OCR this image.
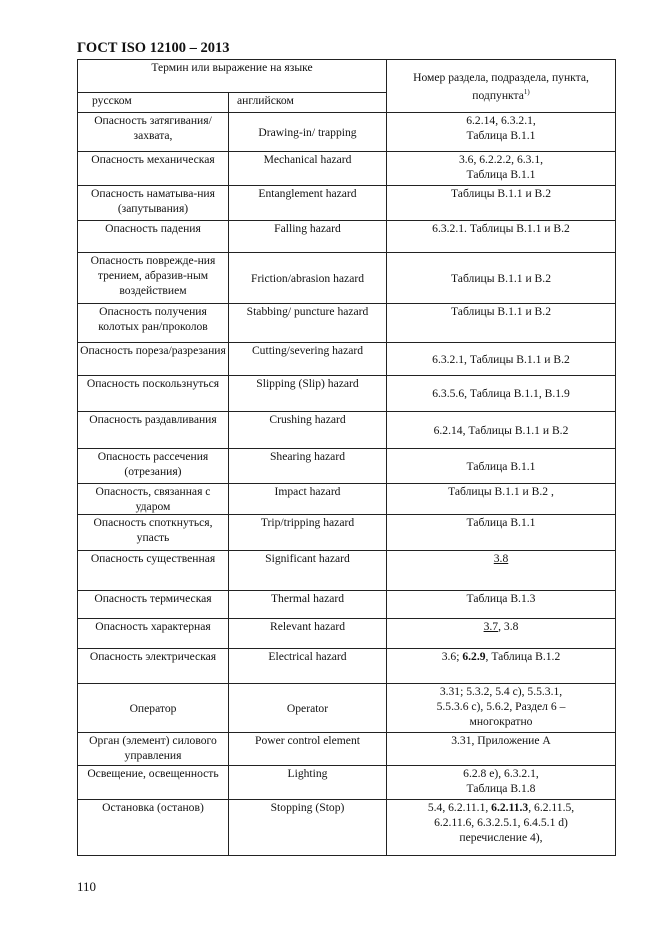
ГОСТ ISO 12100 – 2013
Термин или выражение на языке		Номер раздела, подраздела, пункта, подпункта$^{1)}$
русском	английском	
Опасность затягивания/захвата,	Drawing-in/ trapping	6.2.14, 6.3.2.1, Таблица В.1.1
Опасность механическая	Mechanical hazard	3.6, 6.2.2.2, 6.3.1, Таблица В.1.1
Опасность наматыва-ния (запутывания)	Entanglement hazard	Таблицы В.1.1 и В.2
Опасность падения	Falling hazard	6.3.2.1. Таблицы В.1.1 и В.2
Опасность поврежде-ния трением, абразив-ным воздействием	Friction/abrasion hazard	Таблицы В.1.1 и В.2
Опасность получения колотых ран/проколов	Stabbing/ puncture hazard	Таблицы В.1.1 и В.2
Опасность пореза/разрезания	Cutting/severing hazard	6.3.2.1, Таблицы В.1.1 и В.2
Опасность поскользнуться	Slipping (Slip) hazard	6.3.5.6, Таблица В.1.1, В.1.9
Опасность раздавливания	Crushing hazard	6.2.14, Таблицы В.1.1 и В.2
Опасность рассечения (отрезания)	Shearing hazard	Таблица В.1.1
Опасность, связанная с ударом	Impact hazard	Таблицы В.1.1 и В.2 ,
Опасность споткнуться, упасть	Trip/tripping hazard	Таблица В.1.1
Опасность существенная	Significant hazard	3.8
Опасность термическая	Thermal hazard	Таблица В.1.3
Опасность характерная	Relevant hazard	3.7, 3.8
Опасность электрическая	Electrical hazard	3.6; 6.2.9, Таблица В.1.2
Оператор	Operator	3.31; 5.3.2, 5.4 c), 5.5.3.1, 5.5.3.6 c), 5.6.2, Раздел 6 – многократно
Орган (элемент) силового управления	Power control element	3.31, Приложение А
Освещение, освещенность	Lighting	6.2.8 e), 6.3.2.1, Таблица В.1.8
Остановка (останов)	Stopping (Stop)	5.4, 6.2.11.1, 6.2.11.3, 6.2.11.5, 6.2.11.6, 6.3.2.5.1, 6.4.5.1 d) перечисление 4),
110
